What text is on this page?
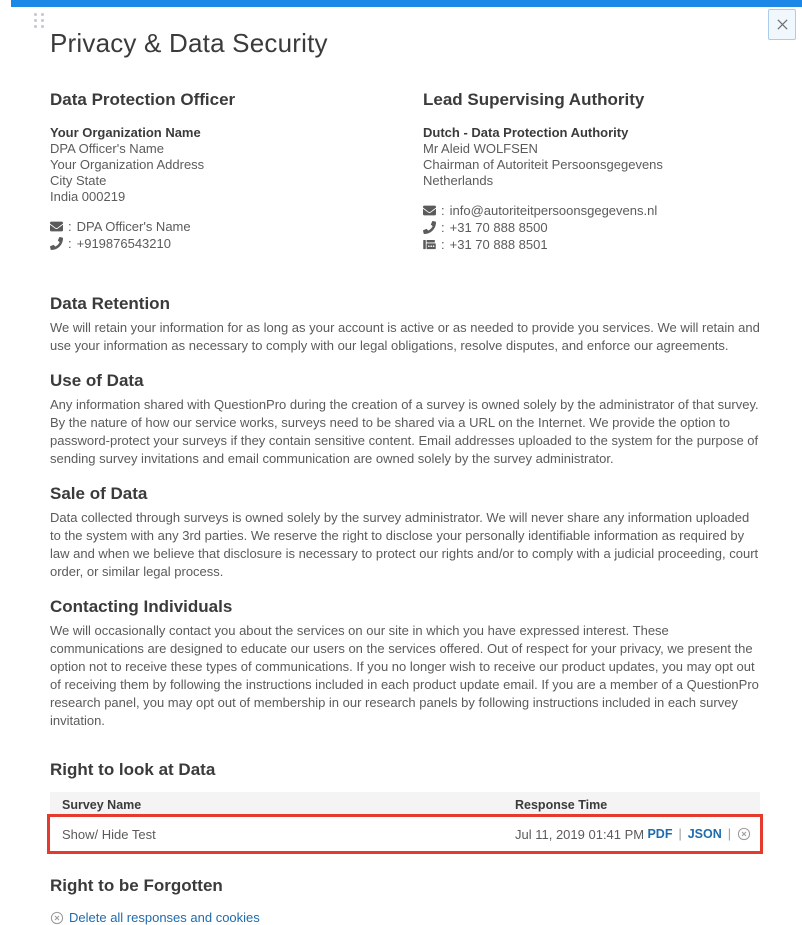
Privacy & Data Security
Data Protection Officer
Your Organization Name
DPA Officer's Name
Your Organization Address
City State
India 000219
: DPA Officer's Name
: +919876543210
Lead Supervising Authority
Dutch - Data Protection Authority
Mr Aleid WOLFSEN
Chairman of Autoriteit Persoonsgegevens
Netherlands
: info@autoriteitpersoonsgegevens.nl
: +31 70 888 8500
: +31 70 888 8501
Data Retention

We will retain your information for as long as your account is active or as needed to provide you services. We will retain and use your information as necessary to comply with our legal obligations, resolve disputes, and enforce our agreements.

Use of Data

Any information shared with QuestionPro during the creation of a survey is owned solely by the administrator of that survey. By the nature of how our service works, surveys need to be shared via a URL on the Internet. We provide the option to password-protect your surveys if they contain sensitive content. Email addresses uploaded to the system for the purpose of sending survey invitations and email communication are owned solely by the survey administrator.

Sale of Data

Data collected through surveys is owned solely by the survey administrator. We will never share any information uploaded to the system with any 3rd parties. We reserve the right to disclose your personally identifiable information as required by law and when we believe that disclosure is necessary to protect our rights and/or to comply with a judicial proceeding, court order, or similar legal process.

Contacting Individuals

We will occasionally contact you about the services on our site in which you have expressed interest. These communications are designed to educate our users on the services offered. Out of respect for your privacy, we present the option not to receive these types of communications. If you no longer wish to receive our product updates, you may opt out of receiving them by following the instructions included in each product update email. If you are a member of a QuestionPro research panel, you may opt out of membership in our research panels by following instructions included in each survey invitation.

Right to look at Data
Survey Name	Response Time
Show/ Hide Test	Jul 11, 2019 01:41 PM PDF | JSON |
Right to be Forgotten
Delete all responses and cookies
